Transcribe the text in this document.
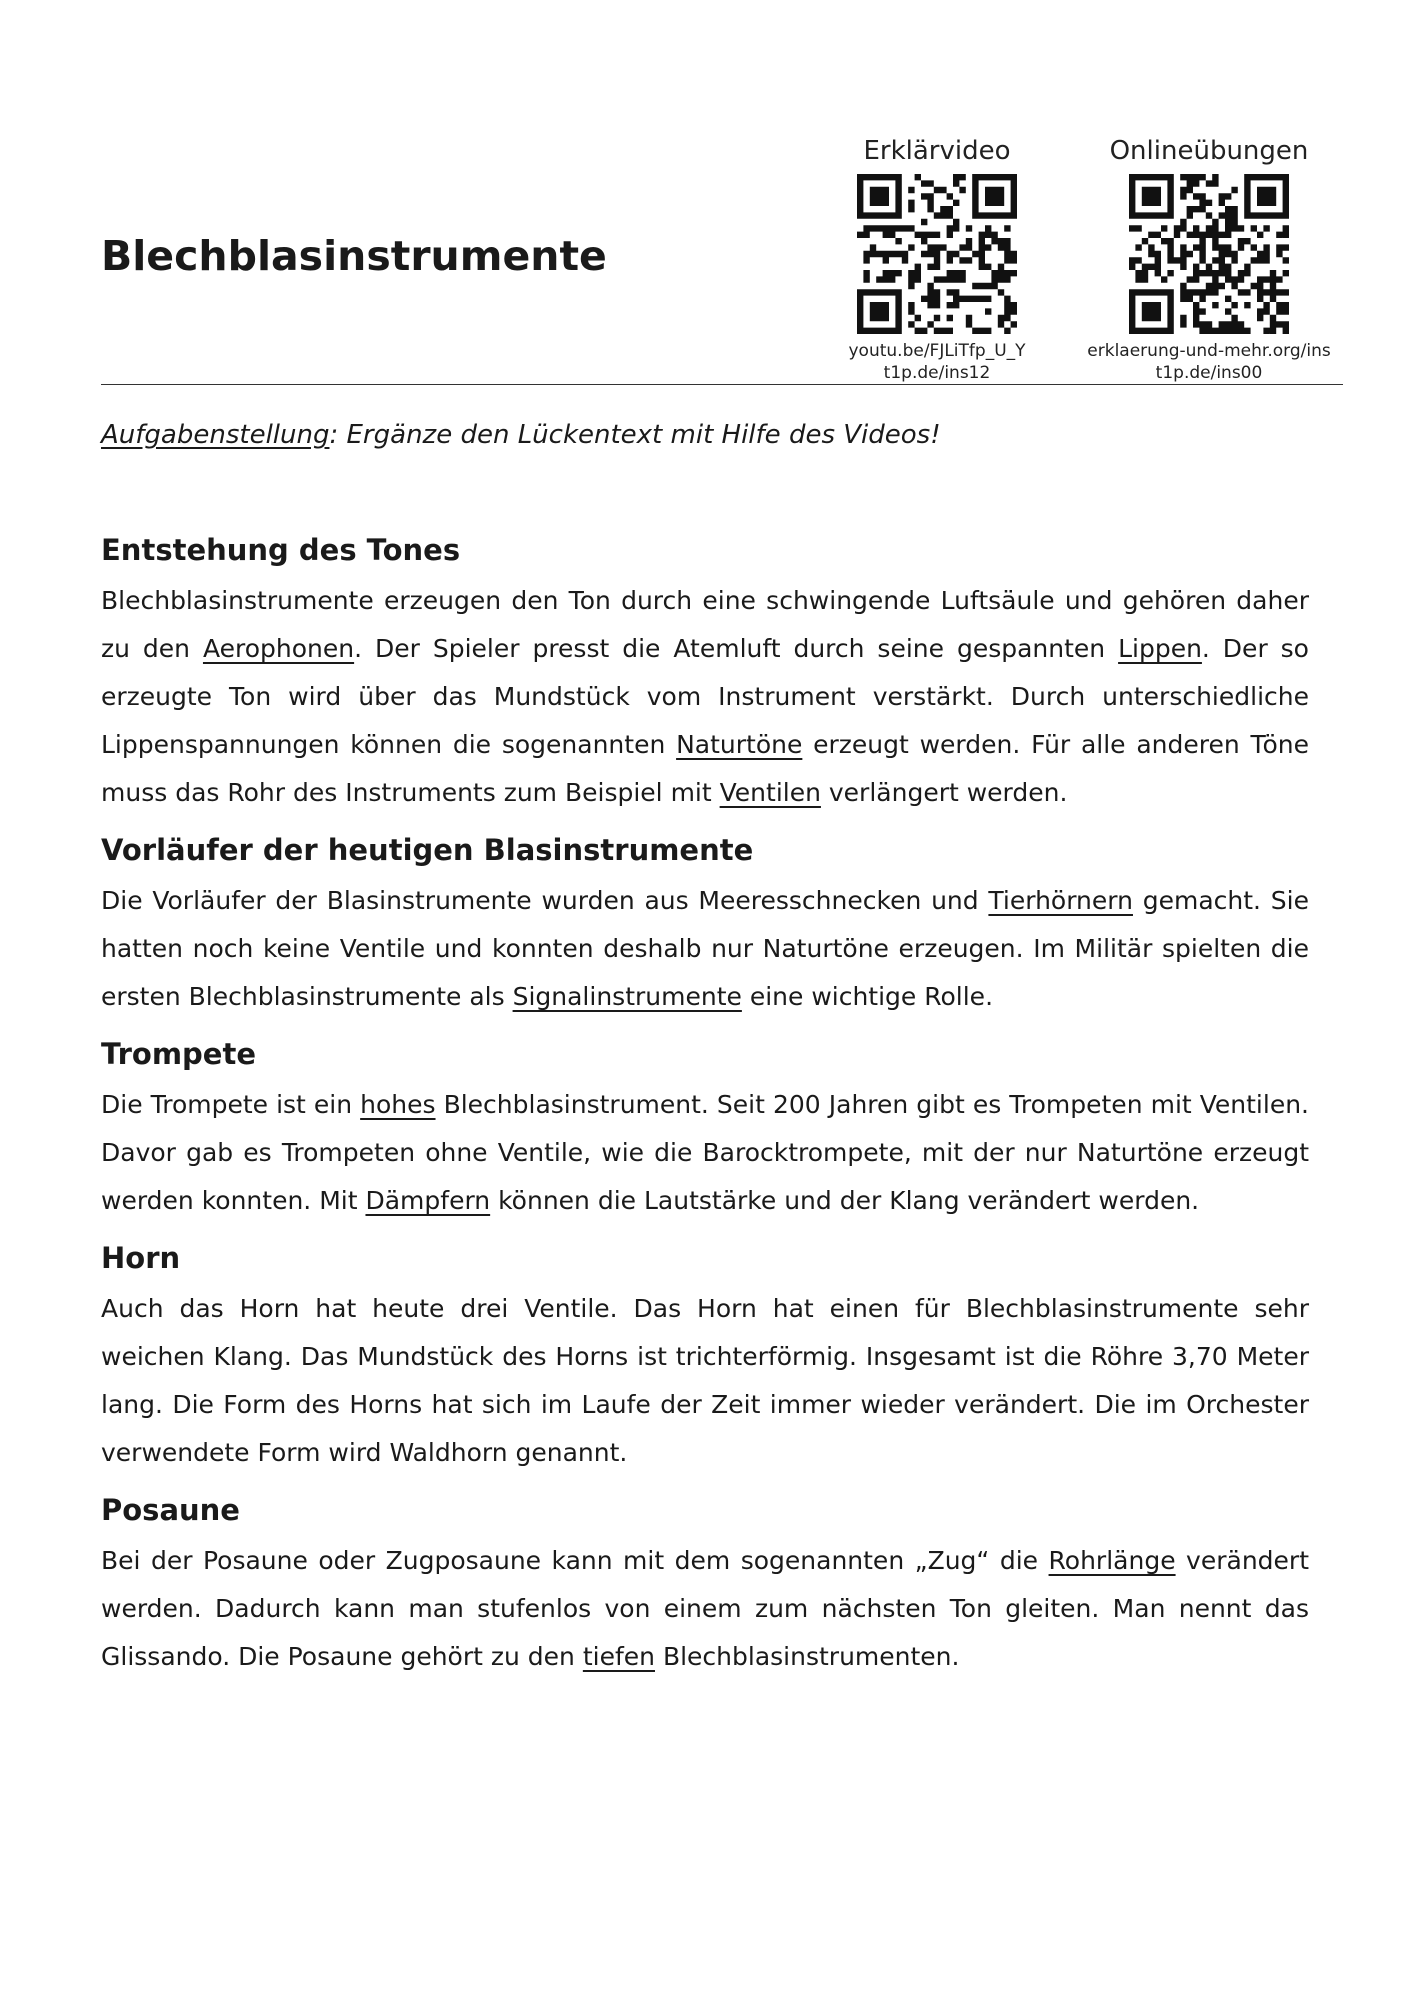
Blechblasinstrumente
Erklärvideo
youtu.be/FJLiTfp_U_Y
t1p.de/ins12
Onlineübungen
erklaerung-und-mehr.org/ins
t1p.de/ins00
Aufgabenstellung: Ergänze den Lückentext mit Hilfe des Videos!
Entstehung des Tones

Blechblasinstrumente erzeugen den Ton durch eine schwingende Luftsäule und gehören daher zu den Aerophonen. Der Spieler presst die Atemluft durch seine gespannten Lippen. Der so erzeugte Ton wird über das Mundstück vom Instrument verstärkt. Durch unterschiedliche Lippenspannungen können die sogenannten Naturtöne erzeugt werden. Für alle anderen Töne muss das Rohr des Instruments zum Beispiel mit Ventilen verlängert werden.

Vorläufer der heutigen Blasinstrumente

Die Vorläufer der Blasinstrumente wurden aus Meeresschnecken und Tierhörnern gemacht. Sie hatten noch keine Ventile und konnten deshalb nur Naturtöne erzeugen. Im Militär spielten die ersten Blechblasinstrumente als Signalinstrumente eine wichtige Rolle.

Trompete

Die Trompete ist ein hohes Blechblasinstrument. Seit 200 Jahren gibt es Trompeten mit Ventilen. Davor gab es Trompeten ohne Ventile, wie die Barocktrompete, mit der nur Naturtöne erzeugt werden konnten. Mit Dämpfern können die Lautstärke und der Klang verändert werden.

Horn

Auch das Horn hat heute drei Ventile. Das Horn hat einen für Blechblasinstrumente sehr weichen Klang. Das Mundstück des Horns ist trichterförmig. Insgesamt ist die Röhre 3,70 Meter lang. Die Form des Horns hat sich im Laufe der Zeit immer wieder verändert. Die im Orchester verwendete Form wird Waldhorn genannt.

Posaune

Bei der Posaune oder Zugposaune kann mit dem sogenannten „Zug“ die Rohrlänge verändert werden. Dadurch kann man stufenlos von einem zum nächsten Ton gleiten. Man nennt das Glissando. Die Posaune gehört zu den tiefen Blechblasinstrumenten.
